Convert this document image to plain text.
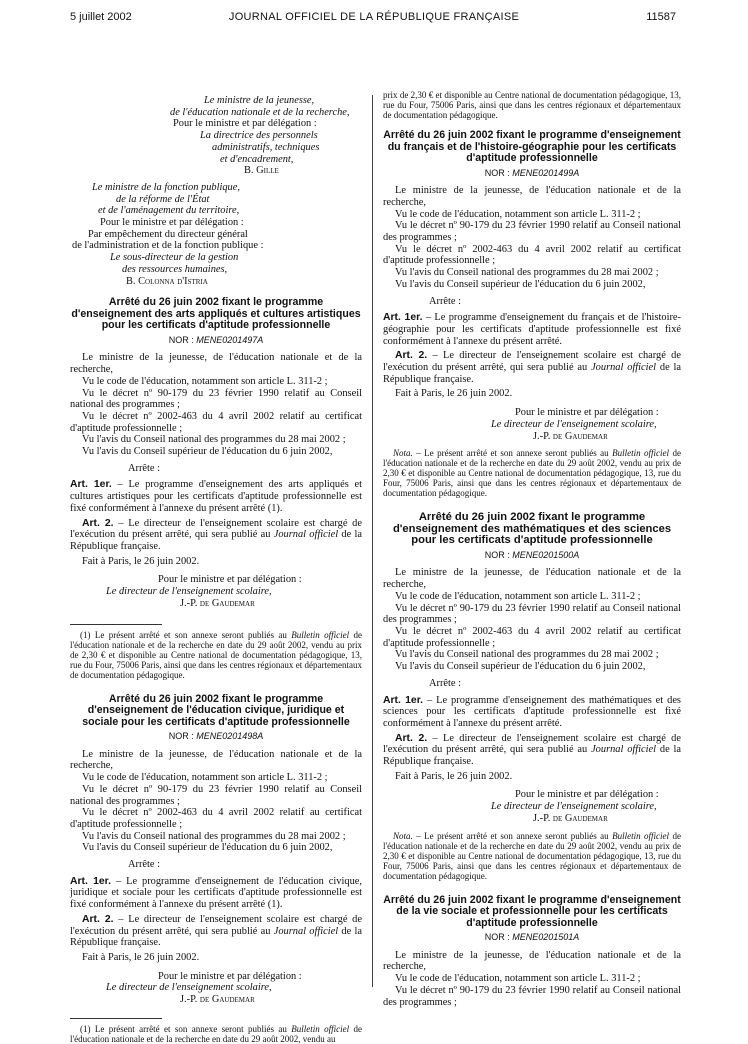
5 juillet 2002	JOURNAL OFFICIEL DE LA RÉPUBLIQUE FRANÇAISE	11587

Le ministre de la jeunesse,

de l'éducation nationale et de la recherche,

Pour le ministre et par délégation :

La directrice des personnels

administratifs, techniques

et d'encadrement,

B. Gille

Le ministre de la fonction publique,

de la réforme de l'État

et de l'aménagement du territoire,

Pour le ministre et par délégation :

Par empêchement du directeur général

de l'administration et de la fonction publique :

Le sous-directeur de la gestion

des ressources humaines,

B. Colonna d'Istria

Arrêté du 26 juin 2002 fixant le programme d'enseignement des arts appliqués et cultures artistiques pour les certificats d'aptitude professionnelle

NOR : MENE0201497A

Le ministre de la jeunesse, de l'éducation nationale et de la recherche,

Vu le code de l'éducation, notamment son article L. 311-2 ;

Vu le décret nº 90-179 du 23 février 1990 relatif au Conseil national des programmes ;

Vu le décret nº 2002-463 du 4 avril 2002 relatif au certificat d'aptitude professionnelle ;

Vu l'avis du Conseil national des programmes du 28 mai 2002 ;

Vu l'avis du Conseil supérieur de l'éducation du 6 juin 2002,

Arrête :

Art. 1er. – Le programme d'enseignement des arts appliqués et cultures artistiques pour les certificats d'aptitude professionnelle est fixé conformément à l'annexe du présent arrêté (1).

Art. 2. – Le directeur de l'enseignement scolaire est chargé de l'exécution du présent arrêté, qui sera publié au Journal officiel de la République française.

Fait à Paris, le 26 juin 2002.

Pour le ministre et par délégation :

Le directeur de l'enseignement scolaire,

J.-P. de Gaudemar

(1) Le présent arrêté et son annexe seront publiés au Bulletin officiel de l'éducation nationale et de la recherche en date du 29 août 2002, vendu au prix de 2,30 € et disponible au Centre national de documentation pédagogique, 13, rue du Four, 75006 Paris, ainsi que dans les centres régionaux et départementaux de documentation pédagogique.

Arrêté du 26 juin 2002 fixant le programme d'enseignement de l'éducation civique, juridique et sociale pour les certificats d'aptitude professionnelle

NOR : MENE0201498A

Le ministre de la jeunesse, de l'éducation nationale et de la recherche,

Vu le code de l'éducation, notamment son article L. 311-2 ;

Vu le décret nº 90-179 du 23 février 1990 relatif au Conseil national des programmes ;

Vu le décret nº 2002-463 du 4 avril 2002 relatif au certificat d'aptitude professionnelle ;

Vu l'avis du Conseil national des programmes du 28 mai 2002 ;

Vu l'avis du Conseil supérieur de l'éducation du 6 juin 2002,

Arrête :

Art. 1er. – Le programme d'enseignement de l'éducation civique, juridique et sociale pour les certificats d'aptitude professionnelle est fixé conformément à l'annexe du présent arrêté (1).

Art. 2. – Le directeur de l'enseignement scolaire est chargé de l'exécution du présent arrêté, qui sera publié au Journal officiel de la République française.

Fait à Paris, le 26 juin 2002.

Pour le ministre et par délégation :

Le directeur de l'enseignement scolaire,

J.-P. de Gaudemar

(1) Le présent arrêté et son annexe seront publiés au Bulletin officiel de l'éducation nationale et de la recherche en date du 29 août 2002, vendu au

prix de 2,30 € et disponible au Centre national de documentation pédagogique, 13, rue du Four, 75006 Paris, ainsi que dans les centres régionaux et départementaux de documentation pédagogique.

Arrêté du 26 juin 2002 fixant le programme d'enseignement du français et de l'histoire-géographie pour les certificats d'aptitude professionnelle

NOR : MENE0201499A

Le ministre de la jeunesse, de l'éducation nationale et de la recherche,

Vu le code de l'éducation, notamment son article L. 311-2 ;

Vu le décret nº 90-179 du 23 février 1990 relatif au Conseil national des programmes ;

Vu le décret nº 2002-463 du 4 avril 2002 relatif au certificat d'aptitude professionnelle ;

Vu l'avis du Conseil national des programmes du 28 mai 2002 ;

Vu l'avis du Conseil supérieur de l'éducation du 6 juin 2002,

Arrête :

Art. 1er. – Le programme d'enseignement du français et de l'histoire-géographie pour les certificats d'aptitude professionnelle est fixé conformément à l'annexe du présent arrêté.

Art. 2. – Le directeur de l'enseignement scolaire est chargé de l'exécution du présent arrêté, qui sera publié au Journal officiel de la République française.

Fait à Paris, le 26 juin 2002.

Pour le ministre et par délégation :

Le directeur de l'enseignement scolaire,

J.-P. de Gaudemar

Nota. – Le présent arrêté et son annexe seront publiés au Bulletin officiel de l'éducation nationale et de la recherche en date du 29 août 2002, vendu au prix de 2,30 € et disponible au Centre national de documentation pédagogique, 13, rue du Four, 75006 Paris, ainsi que dans les centres régionaux et départementaux de documentation pédagogique.

Arrêté du 26 juin 2002 fixant le programme d'enseignement des mathématiques et des sciences pour les certificats d'aptitude professionnelle

NOR : MENE0201500A

Le ministre de la jeunesse, de l'éducation nationale et de la recherche,

Vu le code de l'éducation, notamment son article L. 311-2 ;

Vu le décret nº 90-179 du 23 février 1990 relatif au Conseil national des programmes ;

Vu le décret nº 2002-463 du 4 avril 2002 relatif au certificat d'aptitude professionnelle ;

Vu l'avis du Conseil national des programmes du 28 mai 2002 ;

Vu l'avis du Conseil supérieur de l'éducation du 6 juin 2002,

Arrête :

Art. 1er. – Le programme d'enseignement des mathématiques et des sciences pour les certificats d'aptitude professionnelle est fixé conformément à l'annexe du présent arrêté.

Art. 2. – Le directeur de l'enseignement scolaire est chargé de l'exécution du présent arrêté, qui sera publié au Journal officiel de la République française.

Fait à Paris, le 26 juin 2002.

Pour le ministre et par délégation :

Le directeur de l'enseignement scolaire,

J.-P. de Gaudemar

Nota. – Le présent arrêté et son annexe seront publiés au Bulletin officiel de l'éducation nationale et de la recherche en date du 29 août 2002, vendu au prix de 2,30 € et disponible au Centre national de documentation pédagogique, 13, rue du Four, 75006 Paris, ainsi que dans les centres régionaux et départementaux de documentation pédagogique.

Arrêté du 26 juin 2002 fixant le programme d'enseignement de la vie sociale et professionnelle pour les certificats d'aptitude professionnelle

NOR : MENE0201501A

Le ministre de la jeunesse, de l'éducation nationale et de la recherche,

Vu le code de l'éducation, notamment son article L. 311-2 ;

Vu le décret nº 90-179 du 23 février 1990 relatif au Conseil national des programmes ;
